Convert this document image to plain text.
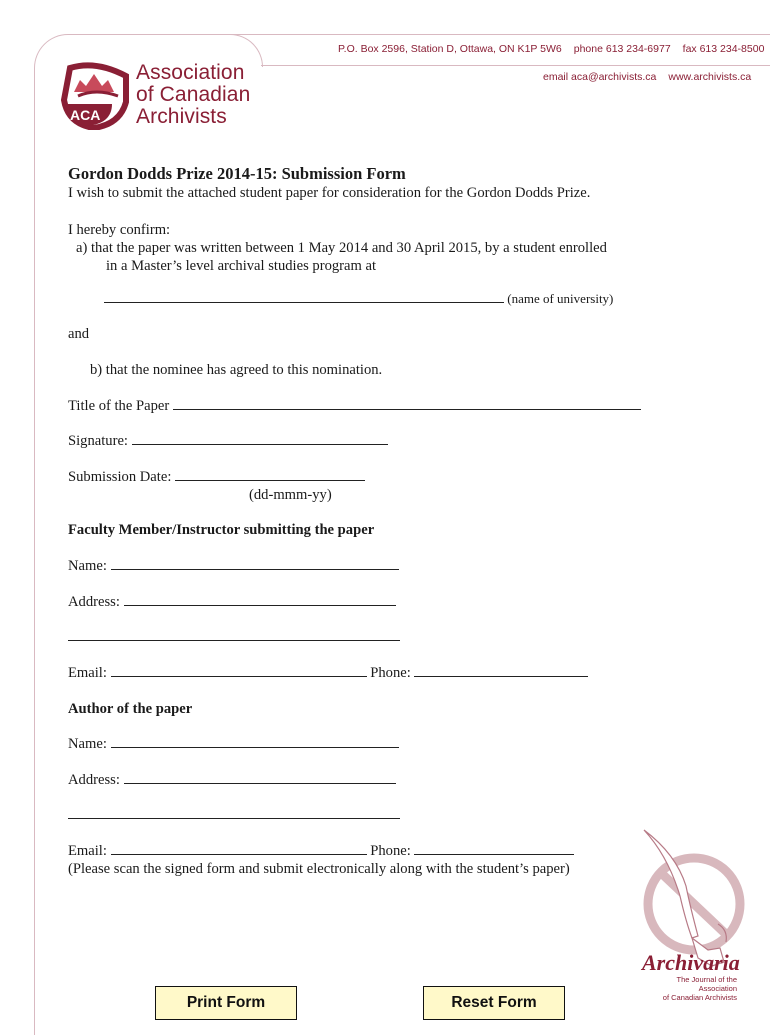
ACA
Association
of Canadian
Archivists
P.O. Box 2596, Station D, Ottawa, ON K1P 5W6 phone 613 234-6977 fax 613 234-8500
email aca@archivists.ca www.archivists.ca
Gordon Dodds Prize 2014-15: Submission Form
I wish to submit the attached student paper for consideration for the Gordon Dodds Prize.
I hereby confirm:
a) that the paper was written between 1 May 2014 and 30 April 2015, by a student enrolled
in a Master’s level archival studies program at
(name of university)
and
b) that the nominee has agreed to this nomination.
Title of the Paper
Signature:
Submission Date:
(dd-mmm-yy)
Faculty Member/Instructor submitting the paper
Name:
Address:
Email:	Phone:
Author of the paper
Name:
Address:
Email:	Phone:
(Please scan the signed form and submit electronically along with the student’s paper)
Archivaria
The Journal of the Association
of Canadian Archivists
Print Form	Reset Form
